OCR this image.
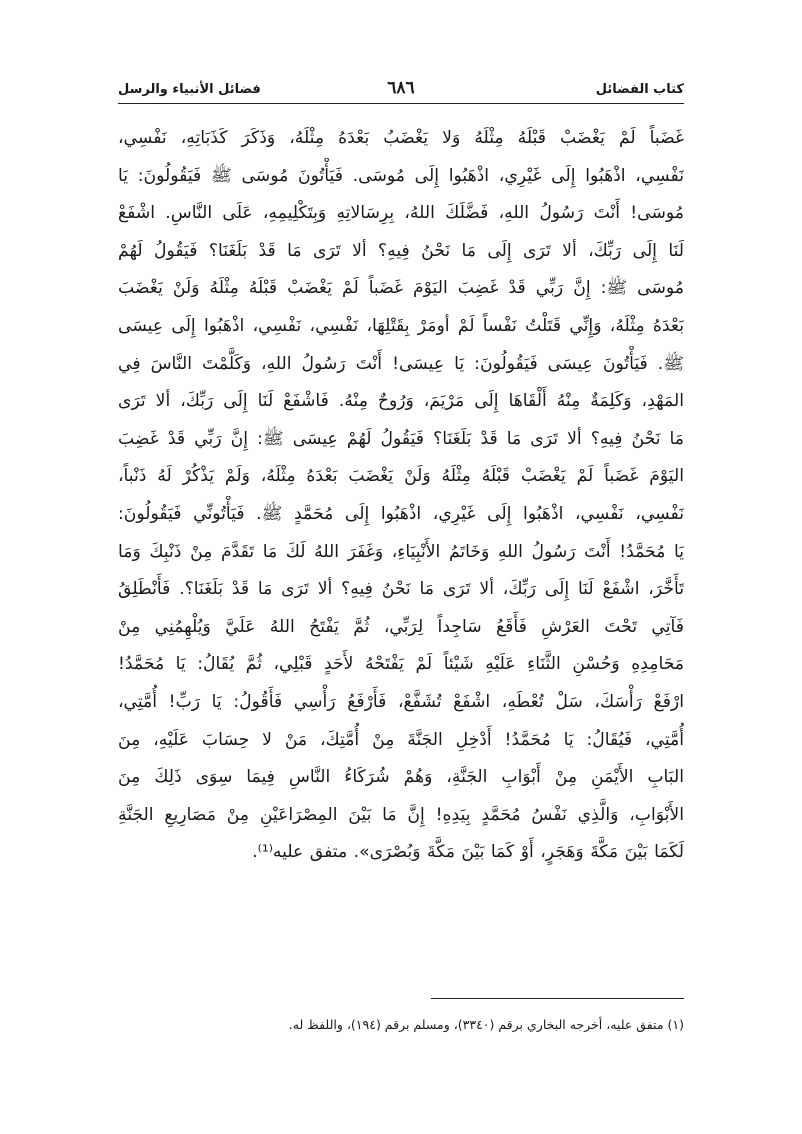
كتاب الفضائل
٦٨٦
فضائل الأنبياء والرسل
غَضَباً لَمْ يَغْضَبْ قَبْلَهُ مِثْلَهُ وَلا يَغْضَبُ بَعْدَهُ مِثْلَهُ، وَذَكَرَ كَذَبَاتِهِ، نَفْسِي،
نَفْسِي، اذْهَبُوا إِلَى غَيْرِي، اذْهَبُوا إِلَى مُوسَى. فَيَأْتُونَ مُوسَى ﷺ فَيَقُولُونَ: يَا
مُوسَى! أَنْتَ رَسُولُ اللهِ، فَضَّلَكَ اللهُ، بِرِسَالاتِهِ وَبِتَكْلِيمِهِ، عَلَى النَّاسِ. اشْفَعْ
لَنَا إِلَى رَبِّكَ، ألا تَرَى إِلَى مَا نَحْنُ فِيهِ؟ ألا تَرَى مَا قَدْ بَلَغَنَا؟ فَيَقُولُ لَهُمْ
مُوسَى ﷺ: إِنَّ رَبِّي قَدْ غَضِبَ اليَوْمَ غَضَباً لَمْ يَغْضَبْ قَبْلَهُ مِثْلَهُ وَلَنْ يَغْضَبَ
بَعْدَهُ مِثْلَهُ، وَإِنِّي قَتَلْتُ نَفْساً لَمْ أومَرْ بِقَتْلِهَا، نَفْسِي، نَفْسِي، اذْهَبُوا إِلَى عِيسَى
ﷺ. فَيَأْتُونَ عِيسَى فَيَقُولُونَ: يَا عِيسَى! أَنْتَ رَسُولُ اللهِ، وَكَلَّمْتَ النَّاسَ فِي
المَهْدِ، وَكَلِمَةٌ مِنْهُ أَلْقَاهَا إِلَى مَرْيَمَ، وَرُوحٌ مِنْهُ. فَاشْفَعْ لَنَا إِلَى رَبِّكَ، ألا تَرَى
مَا نَحْنُ فِيهِ؟ ألا تَرَى مَا قَدْ بَلَغَنَا؟ فَيَقُولُ لَهُمْ عِيسَى ﷺ: إِنَّ رَبِّي قَدْ غَضِبَ
اليَوْمَ غَضَباً لَمْ يَغْضَبْ قَبْلَهُ مِثْلَهُ وَلَنْ يَغْضَبَ بَعْدَهُ مِثْلَهُ، وَلَمْ يَذْكُرْ لَهُ ذَنْباً،
نَفْسِي، نَفْسِي، اذْهَبُوا إِلَى غَيْرِي، اذْهَبُوا إِلَى مُحَمَّدٍ ﷺ. فَيَأْتُونِّي فَيَقُولُونَ:
يَا مُحَمَّدُ! أَنْتَ رَسُولُ اللهِ وَخَاتَمُ الأَنْبِيَاءِ، وَغَفَرَ اللهُ لَكَ مَا تَقَدَّمَ مِنْ ذَنْبِكَ وَمَا
تَأَخَّرَ، اشْفَعْ لَنَا إِلَى رَبِّكَ، ألا تَرَى مَا نَحْنُ فِيهِ؟ ألا تَرَى مَا قَدْ بَلَغَنَا؟. فَأَنْطَلِقُ
فَآتِي تَحْتَ العَرْشِ فَأَقَعُ سَاجِداً لِرَبِّي، ثُمَّ يَفْتَحُ اللهُ عَلَيَّ وَيُلْهِمُنِي مِنْ
مَحَامِدِهِ وَحُسْنِ الثَّنَاءِ عَلَيْهِ شَيْئاً لَمْ يَفْتَحْهُ لأَحَدٍ قَبْلِي، ثُمَّ يُقَالُ: يَا مُحَمَّدُ!
ارْفَعْ رَأْسَكَ، سَلْ تُعْطَهِ، اشْفَعْ تُشَفَّعْ، فَأَرْفَعُ رَأْسِي فَأَقُولُ: يَا رَبِّ! أُمَّتِي،
أُمَّتِي، فَيُقَالُ: يَا مُحَمَّدُ! أَدْخِلِ الجَنَّةَ مِنْ أُمَّتِكَ، مَنْ لا حِسَابَ عَلَيْهِ، مِنَ
البَابِ الأَيْمَنِ مِنْ أَبْوَابِ الجَنَّةِ، وَهُمْ شُرَكَاءُ النَّاسِ فِيمَا سِوَى ذَلِكَ مِنَ
الأَبْوَابِ، وَالَّذِي نَفْسُ مُحَمَّدٍ بِيَدِهِ! إِنَّ مَا بَيْنَ المِصْرَاعَيْنِ مِنْ مَصَارِيعِ الجَنَّةِ
لَكَمَا بَيْنَ مَكَّةَ وَهَجَرٍ، أَوْ كَمَا بَيْنَ مَكَّةَ وَبُصْرَى». متفق عليه⁽¹⁾.
(١) متفق عليه، أخرجه البخاري برقم (٣٣٤٠)، ومسلم برقم (١٩٤)، واللفظ له.
